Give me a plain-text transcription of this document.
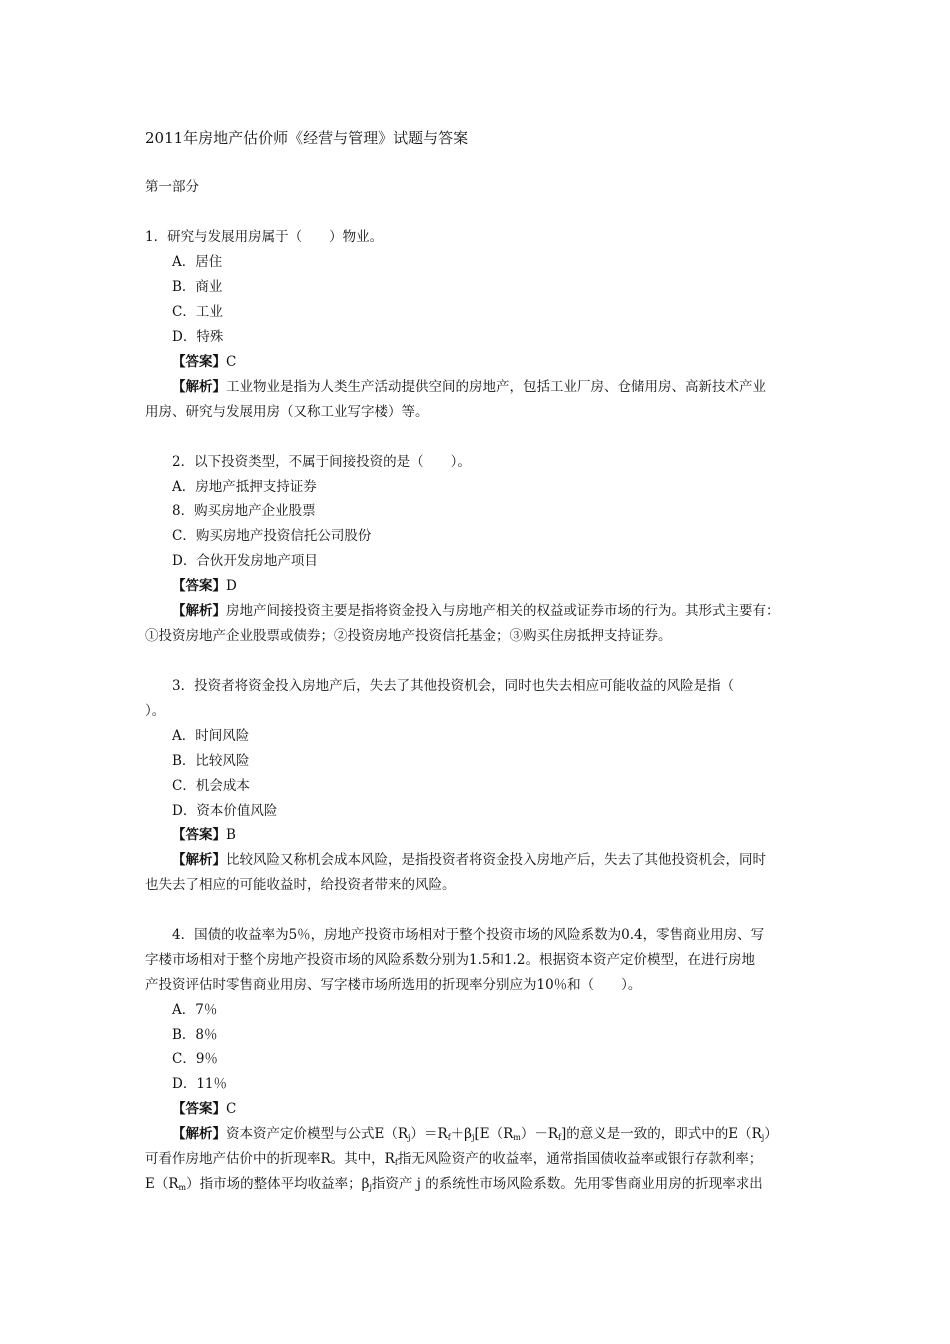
2011年房地产估价师《经营与管理》试题与答案
第一部分
1．研究与发展用房属于（　　）物业。
A．居住
B．商业
C．工业
D．特殊
【答案】C
【解析】工业物业是指为人类生产活动提供空间的房地产，包括工业厂房、仓储用房、高新技术产业
用房、研究与发展用房（又称工业写字楼）等。
2．以下投资类型，不属于间接投资的是（　　）。
A．房地产抵押支持证券
8．购买房地产企业股票
C．购买房地产投资信托公司股份
D．合伙开发房地产项目
【答案】D
【解析】房地产间接投资主要是指将资金投入与房地产相关的权益或证券市场的行为。其形式主要有：
①投资房地产企业股票或债券；②投资房地产投资信托基金；③购买住房抵押支持证券。
3．投资者将资金投入房地产后，失去了其他投资机会，同时也失去相应可能收益的风险是指（
）。
A．时间风险
B．比较风险
C．机会成本
D．资本价值风险
【答案】B
【解析】比较风险又称机会成本风险，是指投资者将资金投入房地产后，失去了其他投资机会，同时
也失去了相应的可能收益时，给投资者带来的风险。
4．国债的收益率为5％，房地产投资市场相对于整个投资市场的风险系数为0.4，零售商业用房、写
字楼市场相对于整个房地产投资市场的风险系数分别为1.5和1.2。根据资本资产定价模型，在进行房地
产投资评估时零售商业用房、写字楼市场所选用的折现率分别应为10％和（　　）。
A．7％
B．8％
C．9％
D．11％
【答案】C
【解析】资本资产定价模型与公式$E(R_j)=R_f+\beta_j[E(R_m)-R_f]$的意义是一致的，即式中的$E(R_j)$
可看作房地产估价中的折现率R。其中，$R_f$指无风险资产的收益率，通常指国债收益率或银行存款利率；
$E(R_m)$指市场的整体平均收益率；$\beta_j$指资产 j 的系统性市场风险系数。先用零售商业用房的折现率求出
